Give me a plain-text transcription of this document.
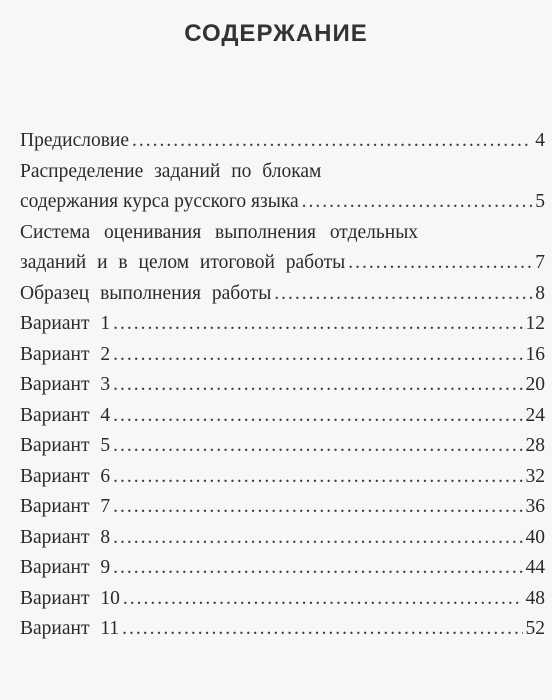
СОДЕРЖАНИЕ
Предисловие .....	4
Распределение заданий по блокам
содержания курса русского языка .....	5
Система оценивания выполнения отдельных
заданий и в целом итоговой работы .....	7
Образец выполнения работы .....	8
Вариант 1 .....	12
Вариант 2 .....	16
Вариант 3 .....	20
Вариант 4 .....	24
Вариант 5 .....	28
Вариант 6 .....	32
Вариант 7 .....	36
Вариант 8 .....	40
Вариант 9 .....	44
Вариант 10 .....	48
Вариант 11 .....	52
